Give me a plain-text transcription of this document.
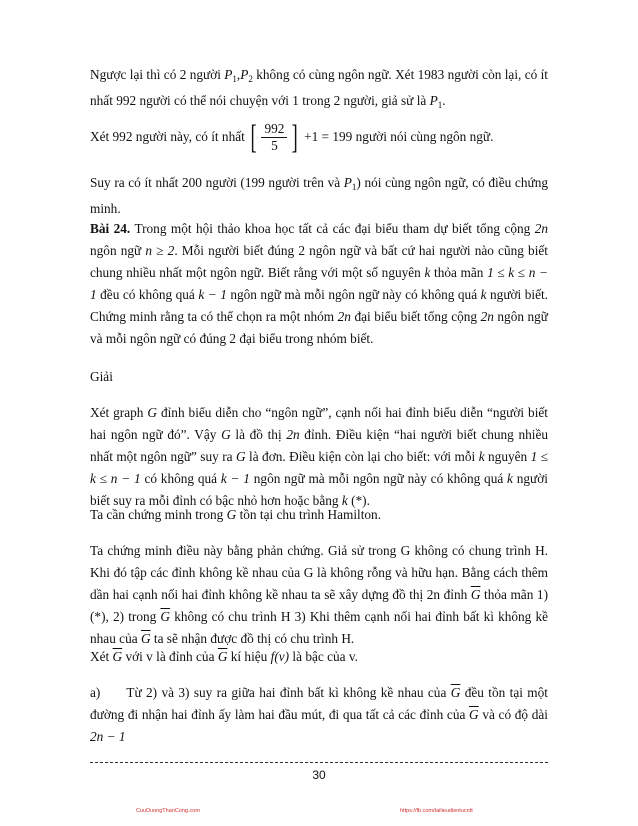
Ngược lại thì có 2 người $P_1,P_2$ không có cùng ngôn ngữ. Xét 1983 người còn lại, có ít nhất 992 người có thể nói chuyện với 1 trong 2 người, giả sử là $P_1$.

Xét 992 người này, có ít nhất [ $\frac{992}{5}$ ] +1 = 199 người nói cùng ngôn ngữ.

Suy ra có ít nhất 200 người (199 người trên và $P_1$) nói cùng ngôn ngữ, có điều chứng minh.

Bài 24. Trong một hội thảo khoa học tất cả các đại biểu tham dự biết tổng cộng 2n ngôn ngữ n ≥ 2. Mỗi người biết đúng 2 ngôn ngữ và bất cứ hai người nào cũng biết chung nhiều nhất một ngôn ngữ. Biết rằng với một số nguyên k thỏa mãn 1 ≤ k ≤ n − 1 đều có không quá k − 1 ngôn ngữ mà mỗi ngôn ngữ này có không quá k người biết. Chứng minh rằng ta có thể chọn ra một nhóm 2n đại biểu biết tổng cộng 2n ngôn ngữ và mỗi ngôn ngữ có đúng 2 đại biểu trong nhóm biết.

Giải

Xét graph G đỉnh biểu diễn cho “ngôn ngữ”, cạnh nối hai đỉnh biểu diễn “người biết hai ngôn ngữ đó”. Vậy G là đồ thị 2n đỉnh. Điều kiện “hai người biết chung nhiều nhất một ngôn ngữ” suy ra G là đơn. Điều kiện còn lại cho biết: với mỗi k nguyên 1 ≤ k ≤ n − 1 có không quá k − 1 ngôn ngữ mà mỗi ngôn ngữ này có không quá k người biết suy ra mỗi đỉnh có bậc nhỏ hơn hoặc bằng k (*).

Ta cần chứng minh trong G tồn tại chu trình Hamilton.

Ta chứng minh điều này bằng phản chứng. Giả sử trong G không có chung trình H. Khi đó tập các đỉnh không kề nhau của G là không rỗng và hữu hạn. Bằng cách thêm dần hai cạnh nối hai đỉnh không kề nhau ta sẽ xây dựng đồ thị 2n đỉnh $\overline{G}$ thỏa mãn 1) (*), 2) trong $\overline{G}$ không có chu trình H 3) Khi thêm cạnh nối hai đỉnh bất kì không kề nhau của $\overline{G}$ ta sẽ nhận được đồ thị có chu trình H.

Xét $\overline{G}$ với v là đỉnh của $\overline{G}$ kí hiệu f(v) là bậc của v.

a) Từ 2) và 3) suy ra giữa hai đỉnh bất kì không kề nhau của $\overline{G}$ đều tồn tại một đường đi nhận hai đỉnh ấy làm hai đầu mút, đi qua tất cả các đỉnh của $\overline{G}$ và có độ dài 2n − 1

30
CuuDuongThanCong.com	https://fb.com/tailieudientucntt
